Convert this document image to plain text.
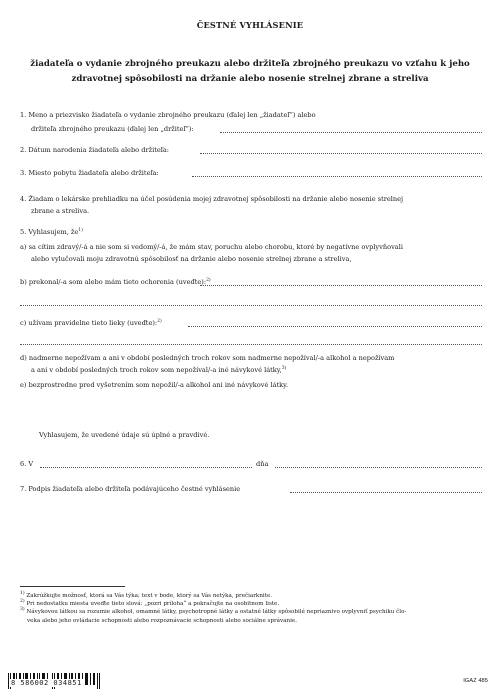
ČESTNÉ VYHLÁSENIE
žiadateľa o vydanie zbrojného preukazu alebo držiteľa zbrojného preukazu vo vzťahu k jeho zdravotnej spôsobilosti na držanie alebo nosenie strelnej zbrane a streliva
1. Meno a priezvisko žiadateľa o vydanie zbrojného preukazu (ďalej len „žiadateľ“) alebo
držiteľa zbrojného preukazu (ďalej len „držiteľ“):
2. Dátum narodenia žiadateľa alebo držiteľa:
3. Miesto pobytu žiadateľa alebo držiteľa:
4. Žiadam o lekárske prehliadku na účel posúdenia mojej zdravotnej spôsobilosti na držanie alebo nosenie strelnej
zbrane a streliva.
5. Vyhlasujem, $že^{1)}$
a) sa cítim zdravý/-á a nie som si vedomý/-á, že mám stav, poruchu alebo chorobu, ktoré by negatívne ovplyvňovali
alebo vylučovali moju zdravotnú spôsobilosť na držanie alebo nosenie strelnej zbrane a streliva,
b) prekonal/-a som alebo mám tieto ochorenia (uveďte):$^{2)}$
c) užívam pravidelne tieto lieky (uveďte):$^{2)}$
d) nadmerne nepožívam a ani v období posledných troch rokov som nadmerne nepožíval/-a alkohol a nepožívam
a ani v období posledných troch rokov som nepožíval/-a iné návykové látky,$^{3)}$
e) bezprostredne pred vyšetrením som nepožil/-a alkohol ani iné návykové látky.
Vyhlasujem, že uvedené údaje sú úplné a pravdivé.
6. V	dňa
7. Podpis žiadateľa alebo držiteľa podávajúceho čestné vyhlásenie
$^{1)}$ Zakrúžkujte možnosť, ktorá sa Vás týka; text v bode, ktorý sa Vás netýka, prečiarknite.
$^{2)}$ Pri nedostatku miesta uveďte tieto slová: „pozri príloha“ a pokračujte na osobitnom liste.
$^{3)}$ Návykovou látkou sa rozumie alkohol, omamné látky, psychotropné látky a ostatné látky spôsobilé nepriaznivo ovplyvniť psychiku člo-
veka alebo jeho ovládacie schopnosti alebo rozpoznávacie schopnosti alebo sociálne správanie.
8 586002 034851	IGAZ 485
